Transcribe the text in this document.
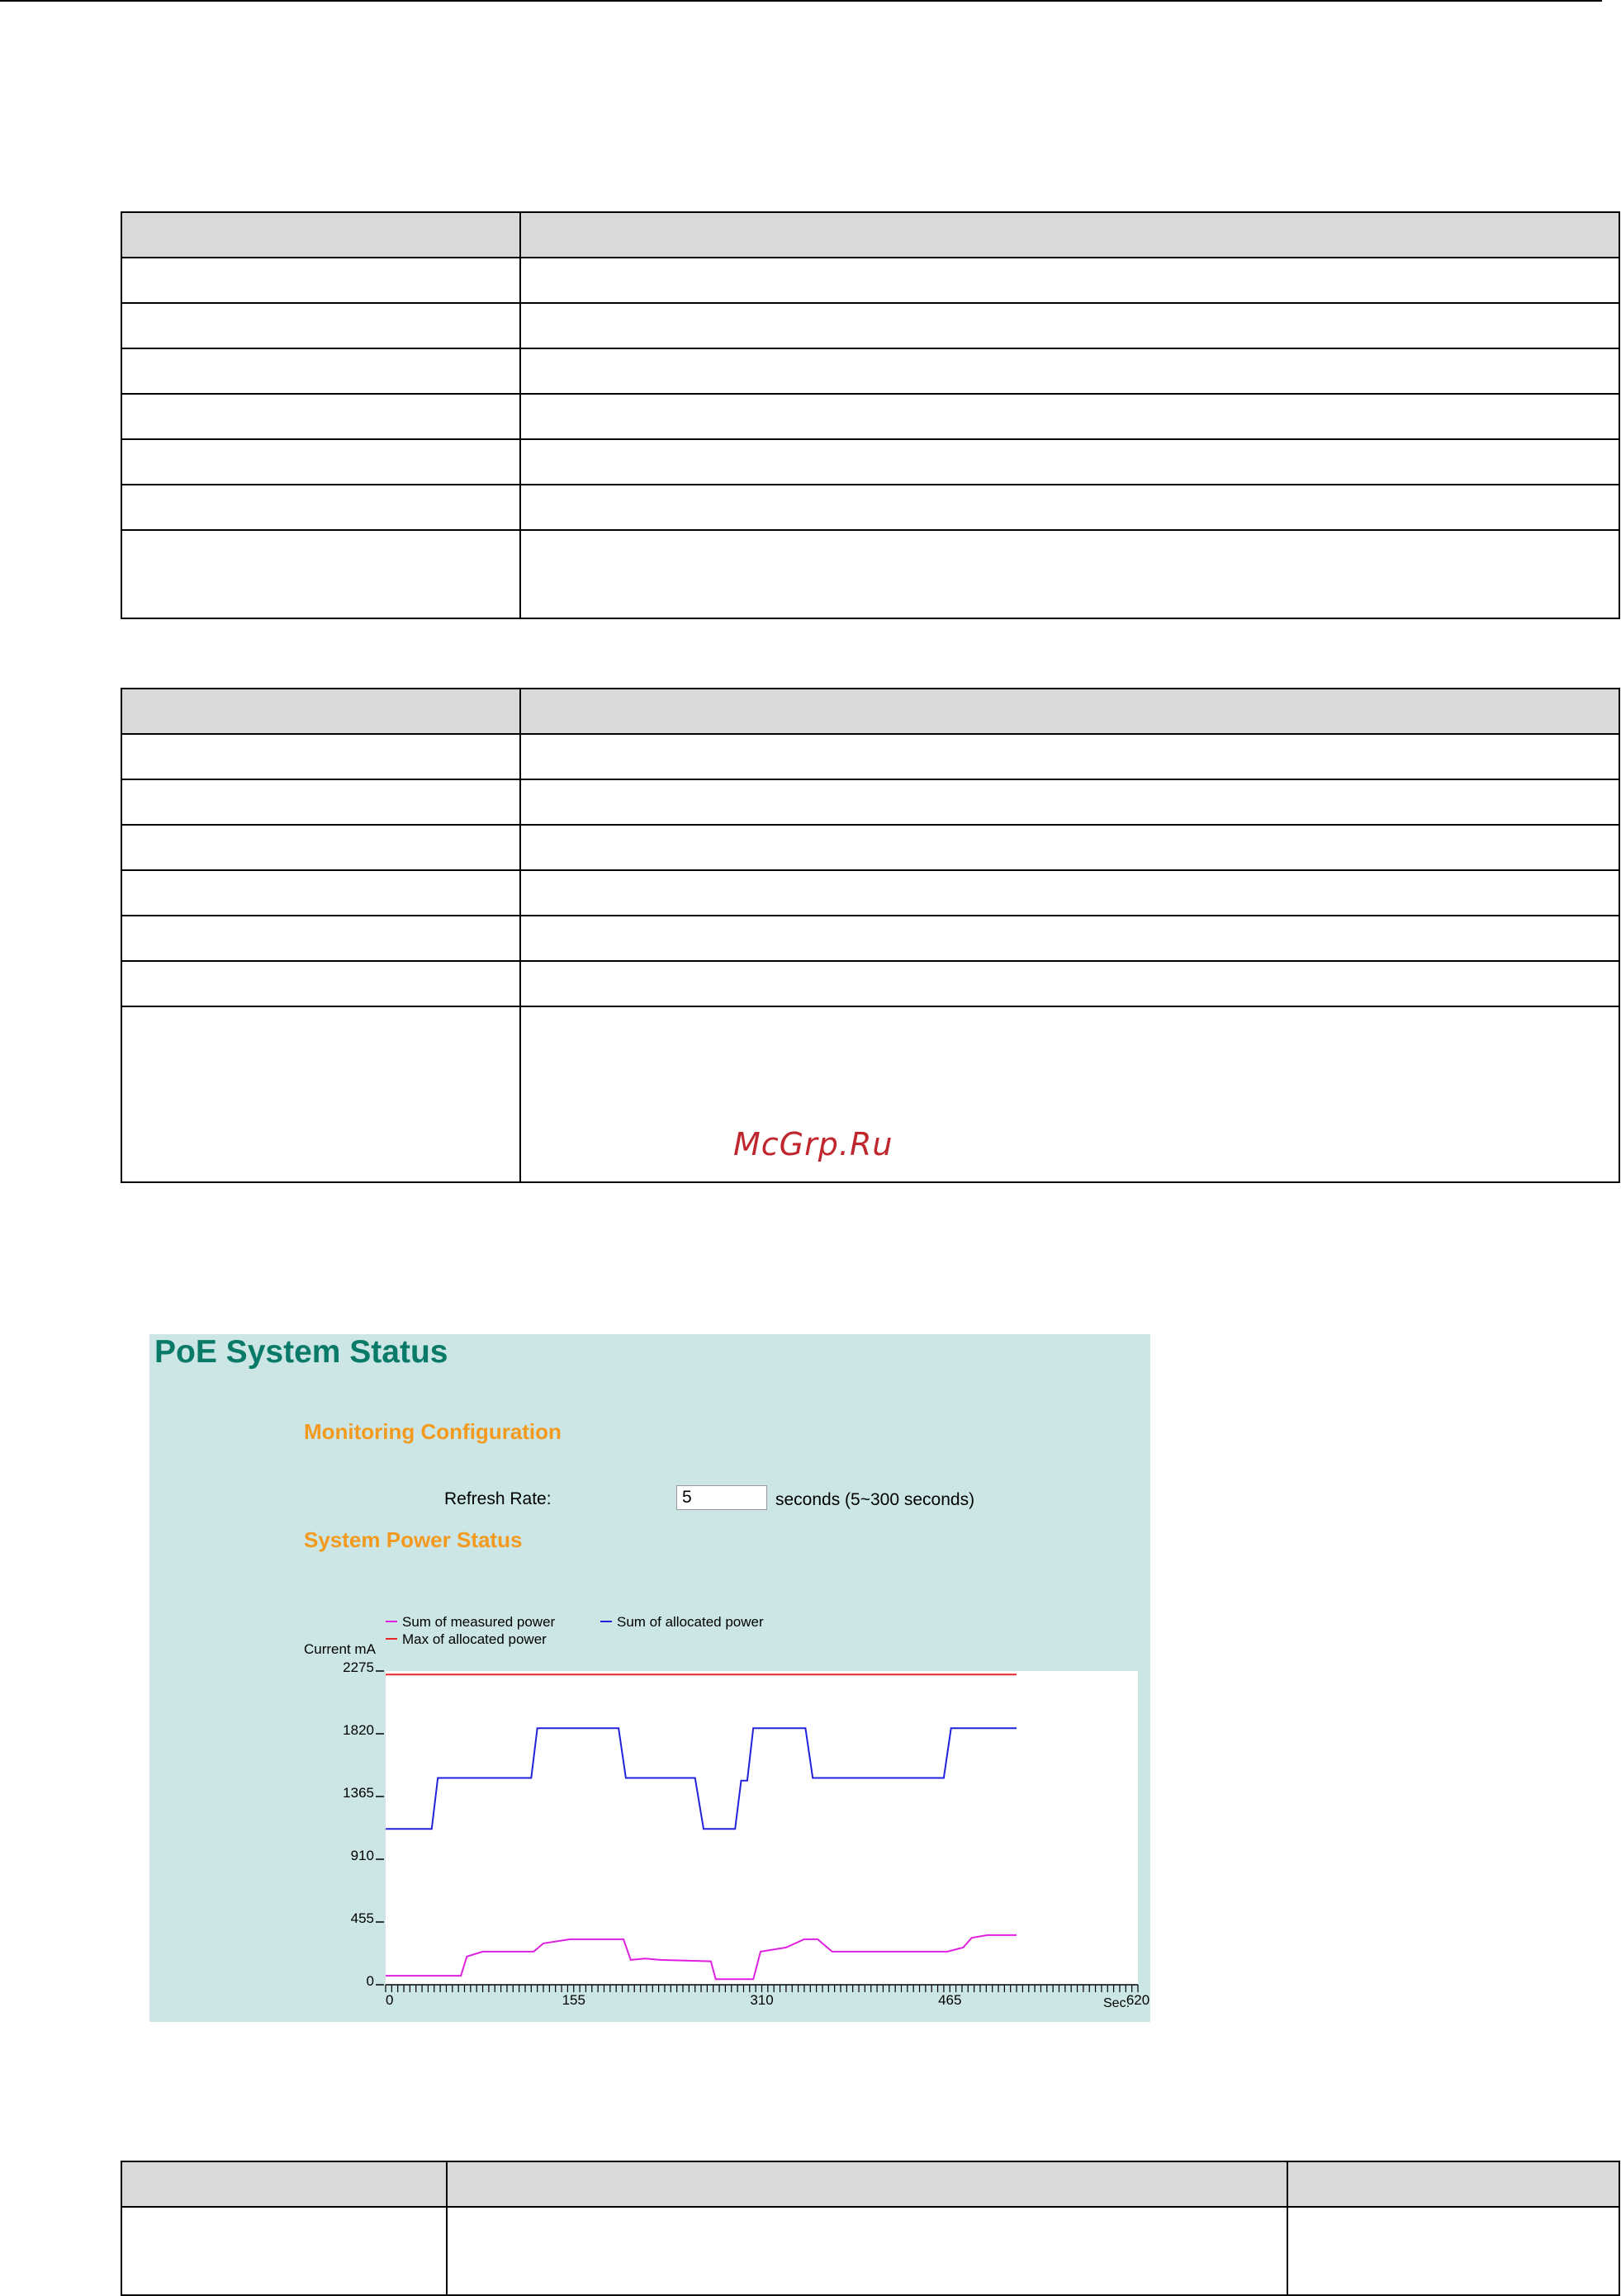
McGrp.Ru
PoE System Status
Monitoring Configuration
Refresh Rate:
5	seconds (5~300 seconds)
System Power Status
Sum of measured power	Sum of allocated power
Max of allocated power
Current mA
0
455
910
1365
1820
2275
0	155	310	465	620
Sec.
